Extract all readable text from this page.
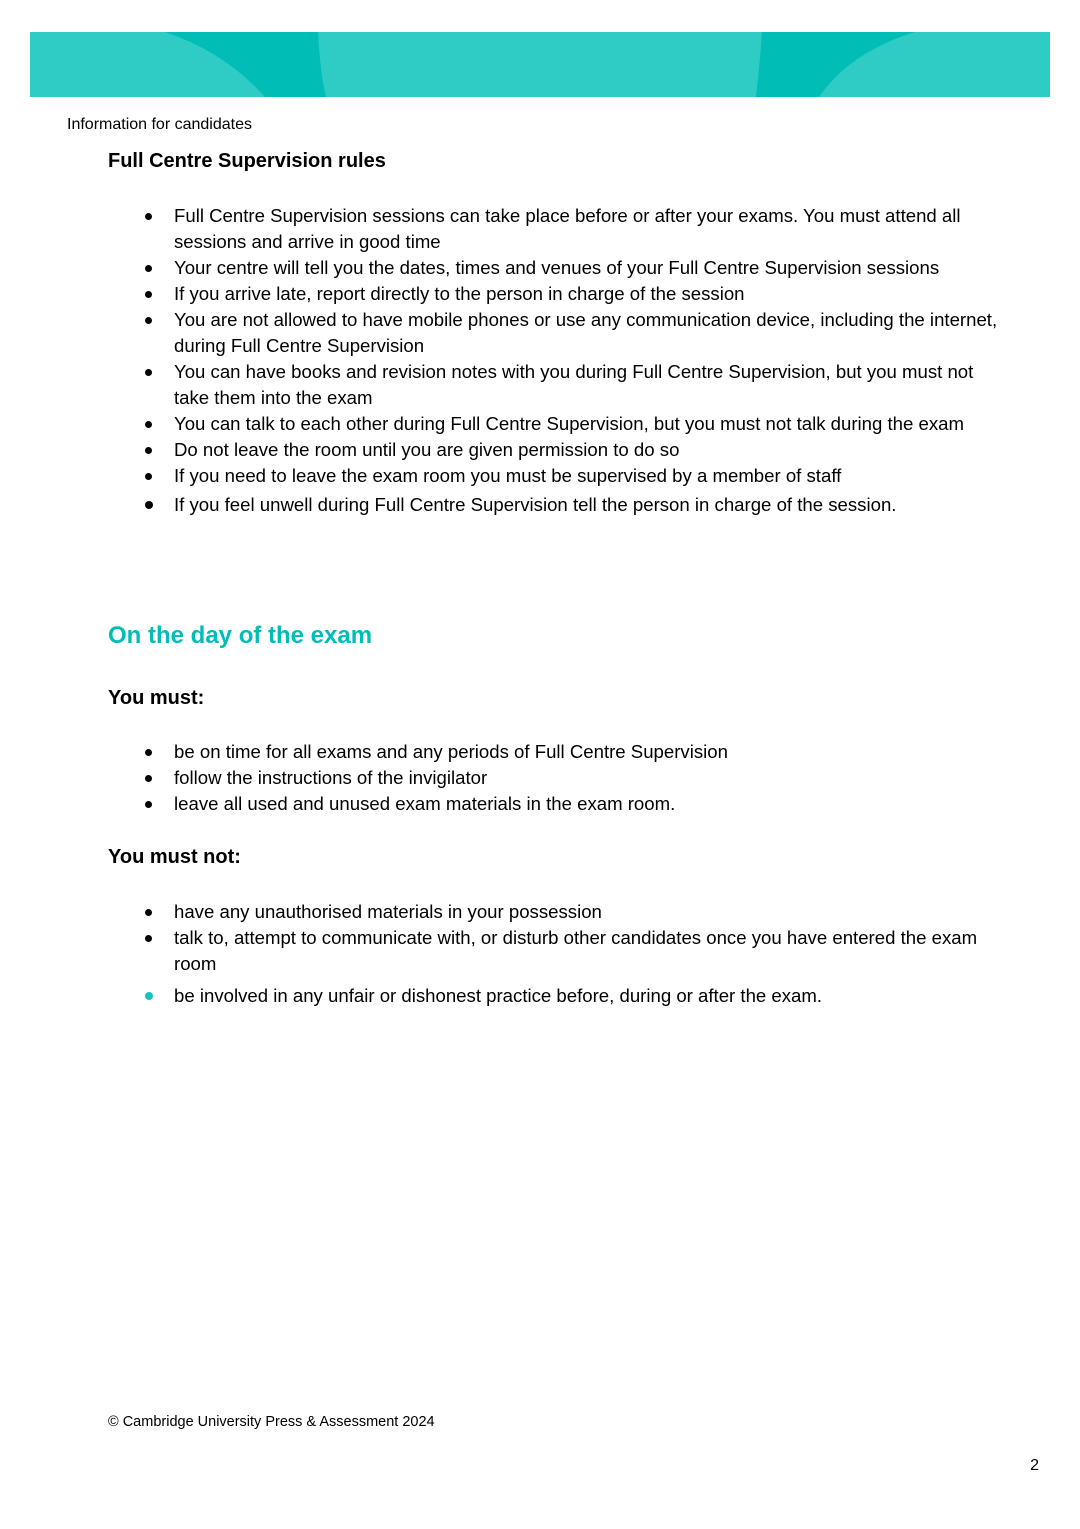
Information for candidates
Full Centre Supervision rules
Full Centre Supervision sessions can take place before or after your exams. You must attend all sessions and arrive in good time
Your centre will tell you the dates, times and venues of your Full Centre Supervision sessions
If you arrive late, report directly to the person in charge of the session
You are not allowed to have mobile phones or use any communication device, including the internet, during Full Centre Supervision
You can have books and revision notes with you during Full Centre Supervision, but you must not take them into the exam
You can talk to each other during Full Centre Supervision, but you must not talk during the exam
Do not leave the room until you are given permission to do so
If you need to leave the exam room you must be supervised by a member of staff
If you feel unwell during Full Centre Supervision tell the person in charge of the session.
On the day of the exam
You must:
be on time for all exams and any periods of Full Centre Supervision
follow the instructions of the invigilator
leave all used and unused exam materials in the exam room.
You must not:
have any unauthorised materials in your possession
talk to, attempt to communicate with, or disturb other candidates once you have entered the exam room
be involved in any unfair or dishonest practice before, during or after the exam.
© Cambridge University Press & Assessment 2024
2
